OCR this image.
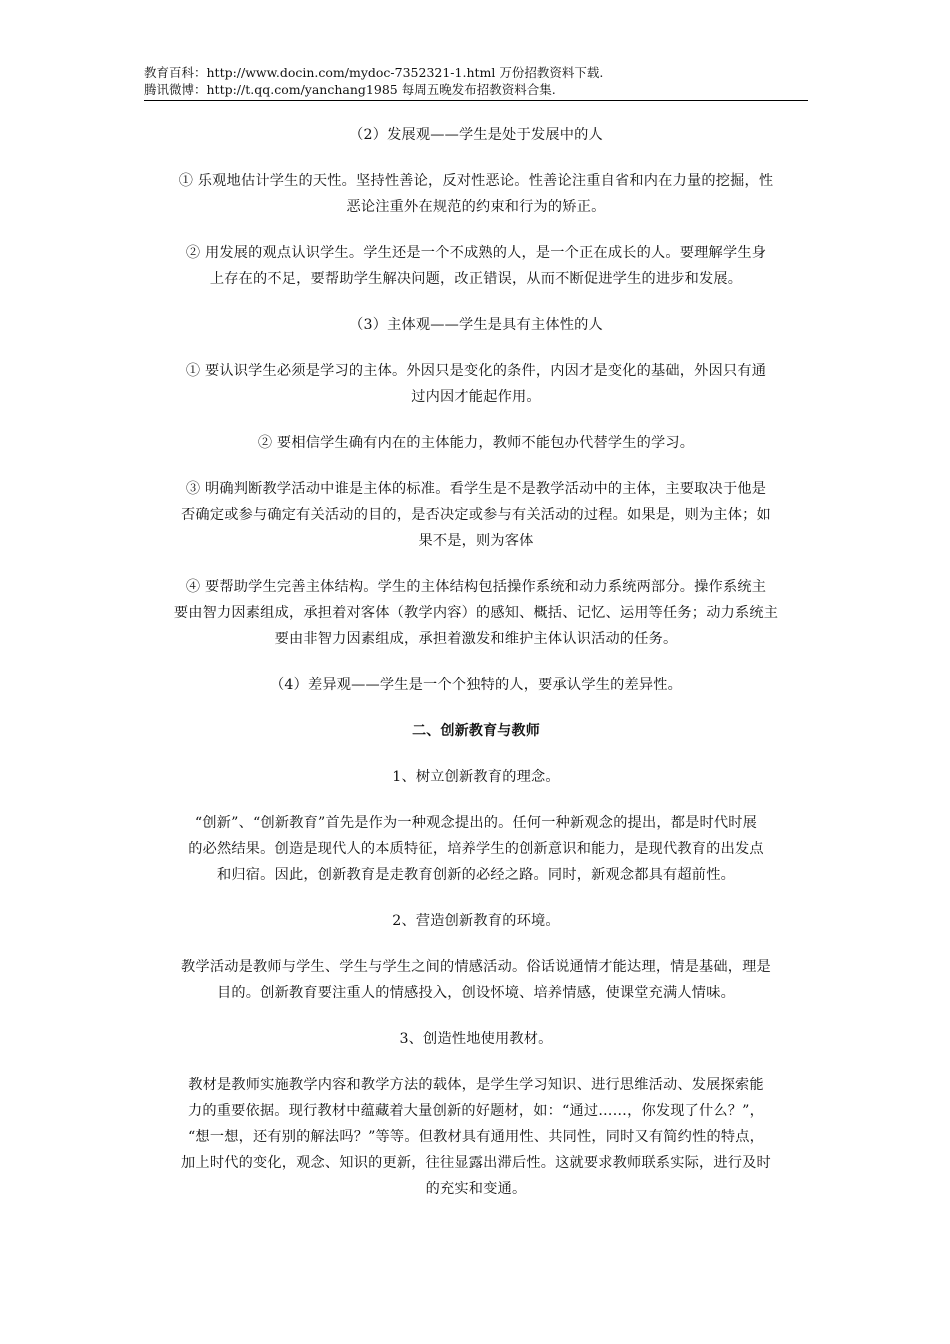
教育百科：http://www.docin.com/mydoc-7352321-1.html 万份招教资料下载.
腾讯微博：http://t.qq.com/yanchang1985 每周五晚发布招教资料合集.

（2）发展观——学生是处于发展中的人

① 乐观地估计学生的天性。坚持性善论，反对性恶论。性善论注重自省和内在力量的挖掘，性

恶论注重外在规范的约束和行为的矫正。

② 用发展的观点认识学生。学生还是一个不成熟的人，是一个正在成长的人。要理解学生身

上存在的不足，要帮助学生解决问题，改正错误，从而不断促进学生的进步和发展。

（3）主体观——学生是具有主体性的人

① 要认识学生必须是学习的主体。外因只是变化的条件，内因才是变化的基础，外因只有通

过内因才能起作用。

② 要相信学生确有内在的主体能力，教师不能包办代替学生的学习。

③ 明确判断教学活动中谁是主体的标准。看学生是不是教学活动中的主体，主要取决于他是

否确定或参与确定有关活动的目的，是否决定或参与有关活动的过程。如果是，则为主体；如

果不是，则为客体

④ 要帮助学生完善主体结构。学生的主体结构包括操作系统和动力系统两部分。操作系统主

要由智力因素组成，承担着对客体（教学内容）的感知、概括、记忆、运用等任务；动力系统主

要由非智力因素组成，承担着激发和维护主体认识活动的任务。

（4）差异观——学生是一个个独特的人，要承认学生的差异性。

二、创新教育与教师

1、树立创新教育的理念。

“创新”、“创新教育”首先是作为一种观念提出的。任何一种新观念的提出，都是时代时展

的必然结果。创造是现代人的本质特征，培养学生的创新意识和能力，是现代教育的出发点

和归宿。因此，创新教育是走教育创新的必经之路。同时，新观念都具有超前性。

2、营造创新教育的环境。

教学活动是教师与学生、学生与学生之间的情感活动。俗话说通情才能达理，情是基础，理是

目的。创新教育要注重人的情感投入，创设怀境、培养情感，使课堂充满人情味。

3、创造性地使用教材。

教材是教师实施教学内容和教学方法的载体，是学生学习知识、进行思维活动、发展探索能

力的重要依据。现行教材中蕴藏着大量创新的好题材，如：“通过……，你发现了什么？”，

“想一想，还有别的解法吗？”等等。但教材具有通用性、共同性，同时又有简约性的特点，

加上时代的变化，观念、知识的更新，往往显露出滞后性。这就要求教师联系实际，进行及时

的充实和变通。
